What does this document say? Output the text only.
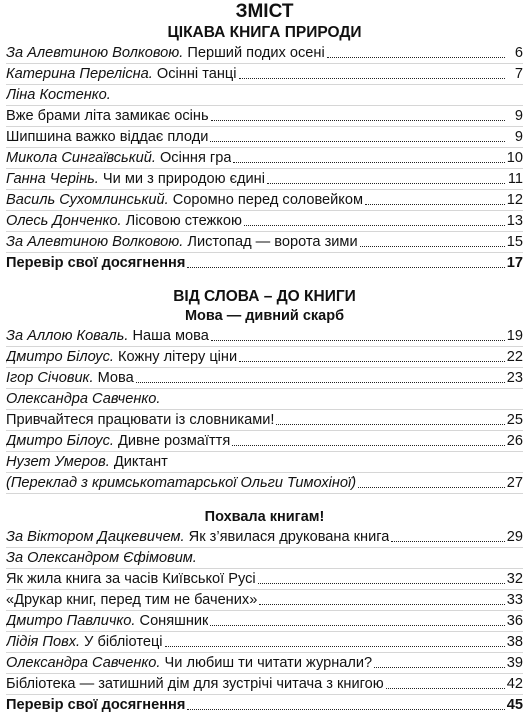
ЗМІСТ
ЦІКАВА КНИГА ПРИРОДИ
За Алевтиною Волковою. Перший подих осені	6
Катерина Перелісна. Осінні танці	7
Ліна Костенко.
Вже брами літа замикає осінь	9
Шипшина важко віддає плоди	9
Микола Сингаївський. Осіння гра	10
Ганна Черінь. Чи ми з природою єдині	11
Василь Сухомлинський. Соромно перед соловейком	12
Олесь Донченко. Лісовою стежкою	13
За Алевтиною Волковою. Листопад — ворота зими	15
Перевір свої досягнення	17
ВІД СЛОВА – ДО КНИГИ
Мова — дивний скарб
За Аллою Коваль. Наша мова	19
Дмитро Білоус. Кожну літеру ціни	22
Ігор Січовик. Мова	23
Олександра Савченко.
Привчайтеся працювати із словниками!	25
Дмитро Білоус. Дивне розмаїття	26
Нузет Умеров. Диктант
(Переклад з кримськотатарської Ольги Тимохіної)	27
Похвала книгам!
За Віктором Дацкевичем. Як з’явилася друкована книга	29
За Олександром Єфімовим.
Як жила книга за часів Київської Русі	32
«Друкар книг, перед тим не бачених»	33
Дмитро Павличко. Соняшник	36
Лідія Повх. У бібліотеці	38
Олександра Савченко. Чи любиш ти читати журнали?	39
Бібліотека — затишний дім для зустрічі читача з книгою	42
Перевір свої досягнення	45
